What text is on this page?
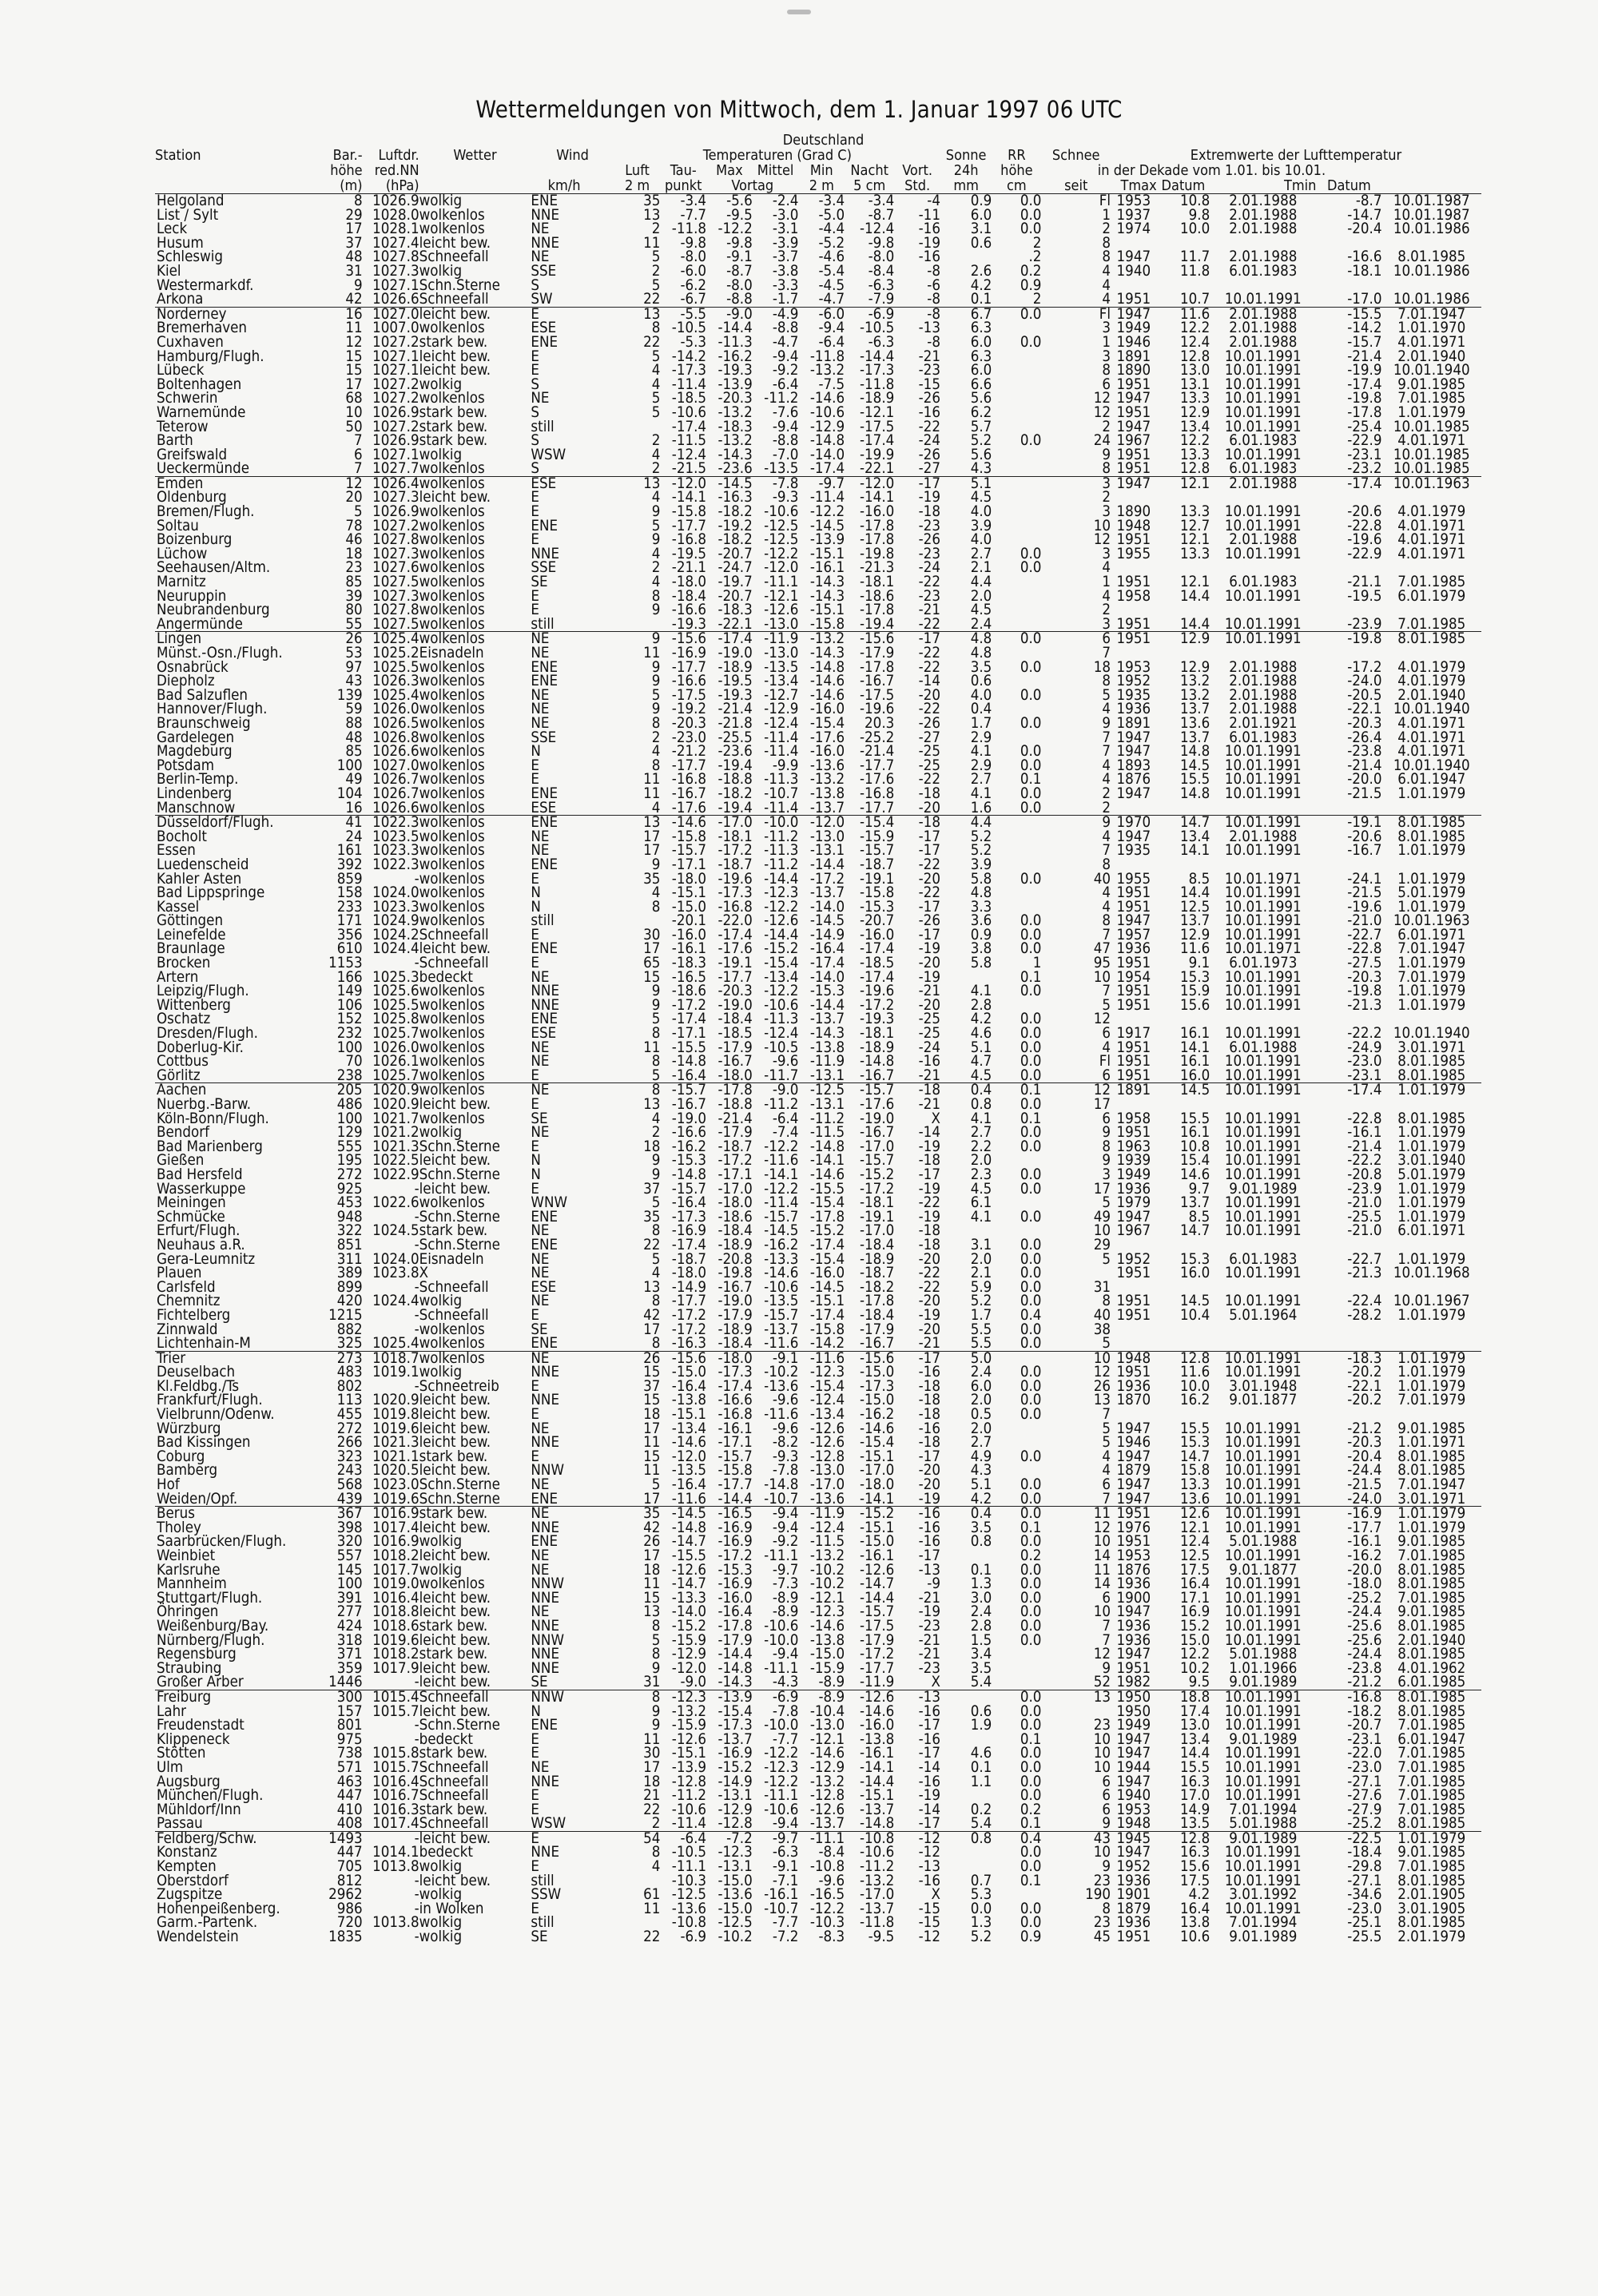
Wettermeldungen von Mittwoch, dem 1. Januar 1997 06 UTC
									Deutschland											
Station	Bar.-	Luftdr.	Wetter	Wind		Temperaturen (Grad C)							Sonne	RR	Schnee	Extremwerte der Lufttemperatur				
	höhe	red.NN				Luft	Tau-	Max	Mittel	Min	Nacht	Vort.	24h	höhe	in der Dekade vom 1.01. bis 10.01.					
	(m)	(hPa)		km/h		2 m	punkt	Vortag		2 m	5 cm	Std.	mm	cm	seit	Tmax	Datum	Tmin	Datum	
Helgoland	8	1026.9	wolkig	ENE		35	-3.4	-5.6	-2.4	-3.4	-3.4	-4	0.9	0.0	Fl	1953	10.8	2.01.1988	-8.7	10.01.1987
List / Sylt	29	1028.0	wolkenlos	NNE		13	-7.7	-9.5	-3.0	-5.0	-8.7	-11	6.0	0.0	1	1937	9.8	2.01.1988	-14.7	10.01.1987
Leck	17	1028.1	wolkenlos	NE		2	-11.8	-12.2	-3.1	-4.4	-12.4	-16	3.1	0.0	2	1974	10.0	2.01.1988	-20.4	10.01.1986
Husum	37	1027.4	leicht bew.	NNE		11	-9.8	-9.8	-3.9	-5.2	-9.8	-19	0.6	2	8					
Schleswig	48	1027.8	Schneefall	NE		5	-8.0	-9.1	-3.7	-4.6	-8.0	-16		.2	8	1947	11.7	2.01.1988	-16.6	8.01.1985
Kiel	31	1027.3	wolkig	SSE		2	-6.0	-8.7	-3.8	-5.4	-8.4	-8	2.6	0.2	4	1940	11.8	6.01.1983	-18.1	10.01.1986
Westermarkdf.	9	1027.1	Schn.Sterne	S		5	-6.2	-8.0	-3.3	-4.5	-6.3	-6	4.2	0.9	4					
Arkona	42	1026.6	Schneefall	SW		22	-6.7	-8.8	-1.7	-4.7	-7.9	-8	0.1	2	4	1951	10.7	10.01.1991	-17.0	10.01.1986
Norderney	16	1027.0	leicht bew.	E		13	-5.5	-9.0	-4.9	-6.0	-6.9	-8	6.7	0.0	Fl	1947	11.6	2.01.1988	-15.5	7.01.1947
Bremerhaven	11	1007.0	wolkenlos	ESE		8	-10.5	-14.4	-8.8	-9.4	-10.5	-13	6.3		3	1949	12.2	2.01.1988	-14.2	1.01.1970
Cuxhaven	12	1027.2	stark bew.	ENE		22	-5.3	-11.3	-4.7	-6.4	-6.3	-8	6.0	0.0	1	1946	12.4	2.01.1988	-15.7	4.01.1971
Hamburg/Flugh.	15	1027.1	leicht bew.	E		5	-14.2	-16.2	-9.4	-11.8	-14.4	-21	6.3		3	1891	12.8	10.01.1991	-21.4	2.01.1940
Lübeck	15	1027.1	leicht bew.	E		4	-17.3	-19.3	-9.2	-13.2	-17.3	-23	6.0		8	1890	13.0	10.01.1991	-19.9	10.01.1940
Boltenhagen	17	1027.2	wolkig	S		4	-11.4	-13.9	-6.4	-7.5	-11.8	-15	6.6		6	1951	13.1	10.01.1991	-17.4	9.01.1985
Schwerin	68	1027.2	wolkenlos	NE		5	-18.5	-20.3	-11.2	-14.6	-18.9	-26	5.6		12	1947	13.3	10.01.1991	-19.8	7.01.1985
Warnemünde	10	1026.9	stark bew.	S		5	-10.6	-13.2	-7.6	-10.6	-12.1	-16	6.2		12	1951	12.9	10.01.1991	-17.8	1.01.1979
Teterow	50	1027.2	stark bew.	still			-17.4	-18.3	-9.4	-12.9	-17.5	-22	5.7		2	1947	13.4	10.01.1991	-25.4	10.01.1985
Barth	7	1026.9	stark bew.	S		2	-11.5	-13.2	-8.8	-14.8	-17.4	-24	5.2	0.0	24	1967	12.2	6.01.1983	-22.9	4.01.1971
Greifswald	6	1027.1	wolkig	WSW		4	-12.4	-14.3	-7.0	-14.0	-19.9	-26	5.6		9	1951	13.3	10.01.1991	-23.1	10.01.1985
Ueckermünde	7	1027.7	wolkenlos	S		2	-21.5	-23.6	-13.5	-17.4	-22.1	-27	4.3		8	1951	12.8	6.01.1983	-23.2	10.01.1985
Emden	12	1026.4	wolkenlos	ESE		13	-12.0	-14.5	-7.8	-9.7	-12.0	-17	5.1		3	1947	12.1	2.01.1988	-17.4	10.01.1963
Oldenburg	20	1027.3	leicht bew.	E		4	-14.1	-16.3	-9.3	-11.4	-14.1	-19	4.5		2					
Bremen/Flugh.	5	1026.9	wolkenlos	E		9	-15.8	-18.2	-10.6	-12.2	-16.0	-18	4.0		3	1890	13.3	10.01.1991	-20.6	4.01.1979
Soltau	78	1027.2	wolkenlos	ENE		5	-17.7	-19.2	-12.5	-14.5	-17.8	-23	3.9		10	1948	12.7	10.01.1991	-22.8	4.01.1971
Boizenburg	46	1027.8	wolkenlos	E		9	-16.8	-18.2	-12.5	-13.9	-17.8	-26	4.0		12	1951	12.1	2.01.1988	-19.6	4.01.1971
Lüchow	18	1027.3	wolkenlos	NNE		4	-19.5	-20.7	-12.2	-15.1	-19.8	-23	2.7	0.0	3	1955	13.3	10.01.1991	-22.9	4.01.1971
Seehausen/Altm.	23	1027.6	wolkenlos	SSE		2	-21.1	-24.7	-12.0	-16.1	-21.3	-24	2.1	0.0	4					
Marnitz	85	1027.5	wolkenlos	SE		4	-18.0	-19.7	-11.1	-14.3	-18.1	-22	4.4		1	1951	12.1	6.01.1983	-21.1	7.01.1985
Neuruppin	39	1027.3	wolkenlos	E		8	-18.4	-20.7	-12.1	-14.3	-18.6	-23	2.0		4	1958	14.4	10.01.1991	-19.5	6.01.1979
Neubrandenburg	80	1027.8	wolkenlos	E		9	-16.6	-18.3	-12.6	-15.1	-17.8	-21	4.5		2					
Angermünde	55	1027.5	wolkenlos	still			-19.3	-22.1	-13.0	-15.8	-19.4	-22	2.4		3	1951	14.4	10.01.1991	-23.9	7.01.1985
Lingen	26	1025.4	wolkenlos	NE		9	-15.6	-17.4	-11.9	-13.2	-15.6	-17	4.8	0.0	6	1951	12.9	10.01.1991	-19.8	8.01.1985
Münst.-Osn./Flugh.	53	1025.2	Eisnadeln	NE		11	-16.9	-19.0	-13.0	-14.3	-17.9	-22	4.8		7					
Osnabrück	97	1025.5	wolkenlos	ENE		9	-17.7	-18.9	-13.5	-14.8	-17.8	-22	3.5	0.0	18	1953	12.9	2.01.1988	-17.2	4.01.1979
Diepholz	43	1026.3	wolkenlos	ENE		9	-16.6	-19.5	-13.4	-14.6	-16.7	-14	0.6		8	1952	13.2	2.01.1988	-24.0	4.01.1979
Bad Salzuflen	139	1025.4	wolkenlos	NE		5	-17.5	-19.3	-12.7	-14.6	-17.5	-20	4.0	0.0	5	1935	13.2	2.01.1988	-20.5	2.01.1940
Hannover/Flugh.	59	1026.0	wolkenlos	NE		9	-19.2	-21.4	-12.9	-16.0	-19.6	-22	0.4		4	1936	13.7	2.01.1988	-22.1	10.01.1940
Braunschweig	88	1026.5	wolkenlos	NE		8	-20.3	-21.8	-12.4	-15.4	20.3	-26	1.7	0.0	9	1891	13.6	2.01.1921	-20.3	4.01.1971
Gardelegen	48	1026.8	wolkenlos	SSE		2	-23.0	-25.5	-11.4	-17.6	-25.2	-27	2.9		7	1947	13.7	6.01.1983	-26.4	4.01.1971
Magdeburg	85	1026.6	wolkenlos	N		4	-21.2	-23.6	-11.4	-16.0	-21.4	-25	4.1	0.0	7	1947	14.8	10.01.1991	-23.8	4.01.1971
Potsdam	100	1027.0	wolkenlos	E		8	-17.7	-19.4	-9.9	-13.6	-17.7	-25	2.9	0.0	4	1893	14.5	10.01.1991	-21.4	10.01.1940
Berlin-Temp.	49	1026.7	wolkenlos	E		11	-16.8	-18.8	-11.3	-13.2	-17.6	-22	2.7	0.1	4	1876	15.5	10.01.1991	-20.0	6.01.1947
Lindenberg	104	1026.7	wolkenlos	ENE		11	-16.7	-18.2	-10.7	-13.8	-16.8	-18	4.1	0.0	2	1947	14.8	10.01.1991	-21.5	1.01.1979
Manschnow	16	1026.6	wolkenlos	ESE		4	-17.6	-19.4	-11.4	-13.7	-17.7	-20	1.6	0.0	2					
Düsseldorf/Flugh.	41	1022.3	wolkenlos	ENE		13	-14.6	-17.0	-10.0	-12.0	-15.4	-18	4.4		9	1970	14.7	10.01.1991	-19.1	8.01.1985
Bocholt	24	1023.5	wolkenlos	NE		17	-15.8	-18.1	-11.2	-13.0	-15.9	-17	5.2		4	1947	13.4	2.01.1988	-20.6	8.01.1985
Essen	161	1023.3	wolkenlos	NE		17	-15.7	-17.2	-11.3	-13.1	-15.7	-17	5.2		7	1935	14.1	10.01.1991	-16.7	1.01.1979
Luedenscheid	392	1022.3	wolkenlos	ENE		9	-17.1	-18.7	-11.2	-14.4	-18.7	-22	3.9		8					
Kahler Asten	859	-	wolkenlos	E		35	-18.0	-19.6	-14.4	-17.2	-19.1	-20	5.8	0.0	40	1955	8.5	10.01.1971	-24.1	1.01.1979
Bad Lippspringe	158	1024.0	wolkenlos	N		4	-15.1	-17.3	-12.3	-13.7	-15.8	-22	4.8		4	1951	14.4	10.01.1991	-21.5	5.01.1979
Kassel	233	1023.3	wolkenlos	N		8	-15.0	-16.8	-12.2	-14.0	-15.3	-17	3.3		4	1951	12.5	10.01.1991	-19.6	1.01.1979
Göttingen	171	1024.9	wolkenlos	still			-20.1	-22.0	-12.6	-14.5	-20.7	-26	3.6	0.0	8	1947	13.7	10.01.1991	-21.0	10.01.1963
Leinefelde	356	1024.2	Schneefall	E		30	-16.0	-17.4	-14.4	-14.9	-16.0	-17	0.9	0.0	7	1957	12.9	10.01.1991	-22.7	6.01.1971
Braunlage	610	1024.4	leicht bew.	ENE		17	-16.1	-17.6	-15.2	-16.4	-17.4	-19	3.8	0.0	47	1936	11.6	10.01.1971	-22.8	7.01.1947
Brocken	1153	-	Schneefall	E		65	-18.3	-19.1	-15.4	-17.4	-18.5	-20	5.8	1	95	1951	9.1	6.01.1973	-27.5	1.01.1979
Artern	166	1025.3	bedeckt	NE		15	-16.5	-17.7	-13.4	-14.0	-17.4	-19		0.1	10	1954	15.3	10.01.1991	-20.3	7.01.1979
Leipzig/Flugh.	149	1025.6	wolkenlos	NNE		9	-18.6	-20.3	-12.2	-15.3	-19.6	-21	4.1	0.0	7	1951	15.9	10.01.1991	-19.8	1.01.1979
Wittenberg	106	1025.5	wolkenlos	NNE		9	-17.2	-19.0	-10.6	-14.4	-17.2	-20	2.8		5	1951	15.6	10.01.1991	-21.3	1.01.1979
Oschatz	152	1025.8	wolkenlos	ENE		5	-17.4	-18.4	-11.3	-13.7	-19.3	-25	4.2	0.0	12					
Dresden/Flugh.	232	1025.7	wolkenlos	ESE		8	-17.1	-18.5	-12.4	-14.3	-18.1	-25	4.6	0.0	6	1917	16.1	10.01.1991	-22.2	10.01.1940
Doberlug-Kir.	100	1026.0	wolkenlos	NE		11	-15.5	-17.9	-10.5	-13.8	-18.9	-24	5.1	0.0	4	1951	14.1	6.01.1988	-24.9	3.01.1971
Cottbus	70	1026.1	wolkenlos	NE		8	-14.8	-16.7	-9.6	-11.9	-14.8	-16	4.7	0.0	Fl	1951	16.1	10.01.1991	-23.0	8.01.1985
Görlitz	238	1025.7	wolkenlos	E		5	-16.4	-18.0	-11.7	-13.1	-16.7	-21	4.5	0.0	6	1951	16.0	10.01.1991	-23.1	8.01.1985
Aachen	205	1020.9	wolkenlos	NE		8	-15.7	-17.8	-9.0	-12.5	-15.7	-18	0.4	0.1	12	1891	14.5	10.01.1991	-17.4	1.01.1979
Nuerbg.-Barw.	486	1020.9	leicht bew.	E		13	-16.7	-18.8	-11.2	-13.1	-17.6	-21	0.8	0.0	17					
Köln-Bonn/Flugh.	100	1021.7	wolkenlos	SE		4	-19.0	-21.4	-6.4	-11.2	-19.0	X	4.1	0.1	6	1958	15.5	10.01.1991	-22.8	8.01.1985
Bendorf	129	1021.2	wolkig	NE		2	-16.6	-17.9	-7.4	-11.5	-16.7	-14	2.7	0.0	9	1951	16.1	10.01.1991	-16.1	1.01.1979
Bad Marienberg	555	1021.3	Schn.Sterne	E		18	-16.2	-18.7	-12.2	-14.8	-17.0	-19	2.2	0.0	8	1963	10.8	10.01.1991	-21.4	1.01.1979
Gießen	195	1022.5	leicht bew.	N		9	-15.3	-17.2	-11.6	-14.1	-15.7	-18	2.0		9	1939	15.4	10.01.1991	-22.2	3.01.1940
Bad Hersfeld	272	1022.9	Schn.Sterne	N		9	-14.8	-17.1	-14.1	-14.6	-15.2	-17	2.3	0.0	3	1949	14.6	10.01.1991	-20.8	5.01.1979
Wasserkuppe	925	-	leicht bew.	E		37	-15.7	-17.0	-12.2	-15.5	-17.2	-19	4.5	0.0	17	1936	9.7	9.01.1989	-23.9	1.01.1979
Meiningen	453	1022.6	wolkenlos	WNW		5	-16.4	-18.0	-11.4	-15.4	-18.1	-22	6.1		5	1979	13.7	10.01.1991	-21.0	1.01.1979
Schmücke	948	-	Schn.Sterne	ENE		35	-17.3	-18.6	-15.7	-17.8	-19.1	-19	4.1	0.0	49	1947	8.5	10.01.1991	-25.5	1.01.1979
Erfurt/Flugh.	322	1024.5	stark bew.	NE		8	-16.9	-18.4	-14.5	-15.2	-17.0	-18			10	1967	14.7	10.01.1991	-21.0	6.01.1971
Neuhaus a.R.	851	-	Schn.Sterne	ENE		22	-17.4	-18.9	-16.2	-17.4	-18.4	-18	3.1	0.0	29					
Gera-Leumnitz	311	1024.0	Eisnadeln	NE		5	-18.7	-20.8	-13.3	-15.4	-18.9	-20	2.0	0.0	5	1952	15.3	6.01.1983	-22.7	1.01.1979
Plauen	389	1023.8	X	NE		4	-18.0	-19.8	-14.6	-16.0	-18.7	-22	2.1	0.0		1951	16.0	10.01.1991	-21.3	10.01.1968
Carlsfeld	899	-	Schneefall	ESE		13	-14.9	-16.7	-10.6	-14.5	-18.2	-22	5.9	0.0	31					
Chemnitz	420	1024.4	wolkig	NE		8	-17.7	-19.0	-13.5	-15.1	-17.8	-20	5.2	0.0	8	1951	14.5	10.01.1991	-22.4	10.01.1967
Fichtelberg	1215	-	Schneefall	E		42	-17.2	-17.9	-15.7	-17.4	-18.4	-19	1.7	0.4	40	1951	10.4	5.01.1964	-28.2	1.01.1979
Zinnwald	882	-	wolkenlos	SE		17	-17.2	-18.9	-13.7	-15.8	-17.9	-20	5.5	0.0	38					
Lichtenhain-M	325	1025.4	wolkenlos	ENE		8	-16.3	-18.4	-11.6	-14.2	-16.7	-21	5.5	0.0	5					
Trier	273	1018.7	wolkenlos	NE		26	-15.6	-18.0	-9.1	-11.6	-15.6	-17	5.0		10	1948	12.8	10.01.1991	-18.3	1.01.1979
Deuselbach	483	1019.1	wolkig	NNE		15	-15.0	-17.3	-10.2	-12.3	-15.0	-16	2.4	0.0	12	1951	11.6	10.01.1991	-20.2	1.01.1979
Kl.Feldbg./Ts	802	-	Schneetreib	E		37	-16.4	-17.4	-13.6	-15.4	-17.3	-18	6.0	0.0	26	1936	10.0	3.01.1948	-22.1	1.01.1979
Frankfurt/Flugh.	113	1020.9	leicht bew.	NNE		15	-13.8	-16.6	-9.6	-12.4	-15.0	-18	2.0	0.0	13	1870	16.2	9.01.1877	-20.2	7.01.1979
Vielbrunn/Odenw.	455	1019.8	leicht bew.	E		18	-15.1	-16.8	-11.6	-13.4	-16.2	-18	0.5	0.0	7					
Würzburg	272	1019.6	leicht bew.	NE		17	-13.4	-16.1	-9.6	-12.6	-14.6	-16	2.0		5	1947	15.5	10.01.1991	-21.2	9.01.1985
Bad Kissingen	266	1021.3	leicht bew.	NNE		11	-14.6	-17.1	-8.2	-12.6	-15.4	-18	2.7		5	1946	15.3	10.01.1991	-20.3	1.01.1971
Coburg	323	1021.1	stark bew.	E		15	-12.0	-15.7	-9.3	-12.8	-15.1	-17	4.9	0.0	4	1947	14.7	10.01.1991	-20.4	8.01.1985
Bamberg	243	1020.5	leicht bew.	NNW		11	-13.5	-15.8	-7.8	-13.0	-17.0	-20	4.3		4	1879	15.8	10.01.1991	-24.4	8.01.1985
Hof	568	1023.0	Schn.Sterne	NE		5	-16.4	-17.7	-14.8	-17.0	-18.0	-20	5.1	0.0	6	1947	13.3	10.01.1991	-21.5	7.01.1947
Weiden/Opf.	439	1019.6	Schn.Sterne	ENE		17	-11.6	-14.4	-10.7	-13.6	-14.1	-19	4.2	0.0	7	1947	13.6	10.01.1991	-24.0	3.01.1971
Berus	367	1016.9	stark bew.	NE		35	-14.5	-16.5	-9.4	-11.9	-15.2	-16	0.4	0.0	11	1951	12.6	10.01.1991	-16.9	1.01.1979
Tholey	398	1017.4	leicht bew.	NNE		42	-14.8	-16.9	-9.4	-12.4	-15.1	-16	3.5	0.1	12	1976	12.1	10.01.1991	-17.7	1.01.1979
Saarbrücken/Flugh.	320	1016.9	wolkig	ENE		26	-14.7	-16.9	-9.2	-11.5	-15.0	-16	0.8	0.0	10	1951	12.4	5.01.1988	-16.1	9.01.1985
Weinbiet	557	1018.2	leicht bew.	NE		17	-15.5	-17.2	-11.1	-13.2	-16.1	-17		0.2	14	1953	12.5	10.01.1991	-16.2	7.01.1985
Karlsruhe	145	1017.7	wolkig	NE		18	-12.6	-15.3	-9.7	-10.2	-12.6	-13	0.1	0.0	11	1876	17.5	9.01.1877	-20.0	8.01.1985
Mannheim	100	1019.0	wolkenlos	NNW		11	-14.7	-16.9	-7.3	-10.2	-14.7	-9	1.3	0.0	14	1936	16.4	10.01.1991	-18.0	8.01.1985
Stuttgart/Flugh.	391	1016.4	leicht bew.	NNE		15	-13.3	-16.0	-8.9	-12.1	-14.4	-21	3.0	0.0	6	1900	17.1	10.01.1991	-25.2	7.01.1985
Öhringen	277	1018.8	leicht bew.	NE		13	-14.0	-16.4	-8.9	-12.3	-15.7	-19	2.4	0.0	10	1947	16.9	10.01.1991	-24.4	9.01.1985
Weißenburg/Bay.	424	1018.6	stark bew.	NNE		8	-15.2	-17.8	-10.6	-14.6	-17.5	-23	2.8	0.0	7	1936	15.2	10.01.1991	-25.6	8.01.1985
Nürnberg/Flugh.	318	1019.6	leicht bew.	NNW		5	-15.9	-17.9	-10.0	-13.8	-17.9	-21	1.5	0.0	7	1936	15.0	10.01.1991	-25.6	2.01.1940
Regensburg	371	1018.2	stark bew.	NNE		8	-12.9	-14.4	-9.4	-15.0	-17.2	-21	3.4		12	1947	12.2	5.01.1988	-24.4	8.01.1985
Straubing	359	1017.9	leicht bew.	NNE		9	-12.0	-14.8	-11.1	-15.9	-17.7	-23	3.5		9	1951	10.2	1.01.1966	-23.8	4.01.1962
Großer Arber	1446	-	leicht bew.	SE		31	-9.0	-14.3	-4.3	-8.9	-11.9	X	5.4		52	1982	9.5	9.01.1989	-21.2	6.01.1985
Freiburg	300	1015.4	Schneefall	NNW		8	-12.3	-13.9	-6.9	-8.9	-12.6	-13		0.0	13	1950	18.8	10.01.1991	-16.8	8.01.1985
Lahr	157	1015.7	leicht bew.	N		9	-13.2	-15.4	-7.8	-10.4	-14.6	-16	0.6	0.0		1950	17.4	10.01.1991	-18.2	8.01.1985
Freudenstadt	801	-	Schn.Sterne	ENE		9	-15.9	-17.3	-10.0	-13.0	-16.0	-17	1.9	0.0	23	1949	13.0	10.01.1991	-20.7	7.01.1985
Klippeneck	975	-	bedeckt	E		11	-12.6	-13.7	-7.7	-12.1	-13.8	-16		0.1	10	1947	13.4	9.01.1989	-23.1	6.01.1947
Stötten	738	1015.8	stark bew.	E		30	-15.1	-16.9	-12.2	-14.6	-16.1	-17	4.6	0.0	10	1947	14.4	10.01.1991	-22.0	7.01.1985
Ulm	571	1015.7	Schneefall	NE		17	-13.9	-15.2	-12.3	-12.9	-14.1	-14	0.1	0.0	10	1944	15.5	10.01.1991	-23.0	7.01.1985
Augsburg	463	1016.4	Schneefall	NNE		18	-12.8	-14.9	-12.2	-13.2	-14.4	-16	1.1	0.0	6	1947	16.3	10.01.1991	-27.1	7.01.1985
München/Flugh.	447	1016.7	Schneefall	E		21	-11.2	-13.1	-11.1	-12.8	-15.1	-19		0.0	6	1940	17.0	10.01.1991	-27.6	7.01.1985
Mühldorf/Inn	410	1016.3	stark bew.	E		22	-10.6	-12.9	-10.6	-12.6	-13.7	-14	0.2	0.2	6	1953	14.9	7.01.1994	-27.9	7.01.1985
Passau	408	1017.4	Schneefall	WSW		2	-11.4	-12.8	-9.4	-13.7	-14.8	-17	5.4	0.1	9	1948	13.5	5.01.1988	-25.2	8.01.1985
Feldberg/Schw.	1493	-	leicht bew.	E		54	-6.4	-7.2	-9.7	-11.1	-10.8	-12	0.8	0.4	43	1945	12.8	9.01.1989	-22.5	1.01.1979
Konstanz	447	1014.1	bedeckt	NNE		8	-10.5	-12.3	-6.3	-8.4	-10.6	-12		0.0	10	1947	16.3	10.01.1991	-18.4	9.01.1985
Kempten	705	1013.8	wolkig	E		4	-11.1	-13.1	-9.1	-10.8	-11.2	-13		0.0	9	1952	15.6	10.01.1991	-29.8	7.01.1985
Oberstdorf	812	-	leicht bew.	still			-10.3	-15.0	-7.1	-9.6	-13.2	-16	0.7	0.1	23	1936	17.5	10.01.1991	-27.1	8.01.1985
Zugspitze	2962	-	wolkig	SSW		61	-12.5	-13.6	-16.1	-16.5	-17.0	X	5.3		190	1901	4.2	3.01.1992	-34.6	2.01.1905
Hohenpeißenberg.	986	-	in Wolken	E		11	-13.6	-15.0	-10.7	-12.2	-13.7	-15	0.0	0.0	8	1879	16.4	10.01.1991	-23.0	3.01.1905
Garm.-Partenk.	720	1013.8	wolkig	still			-10.8	-12.5	-7.7	-10.3	-11.8	-15	1.3	0.0	23	1936	13.8	7.01.1994	-25.1	8.01.1985
Wendelstein	1835	-	wolkig	SE		22	-6.9	-10.2	-7.2	-8.3	-9.5	-12	5.2	0.9	45	1951	10.6	9.01.1989	-25.5	2.01.1979
